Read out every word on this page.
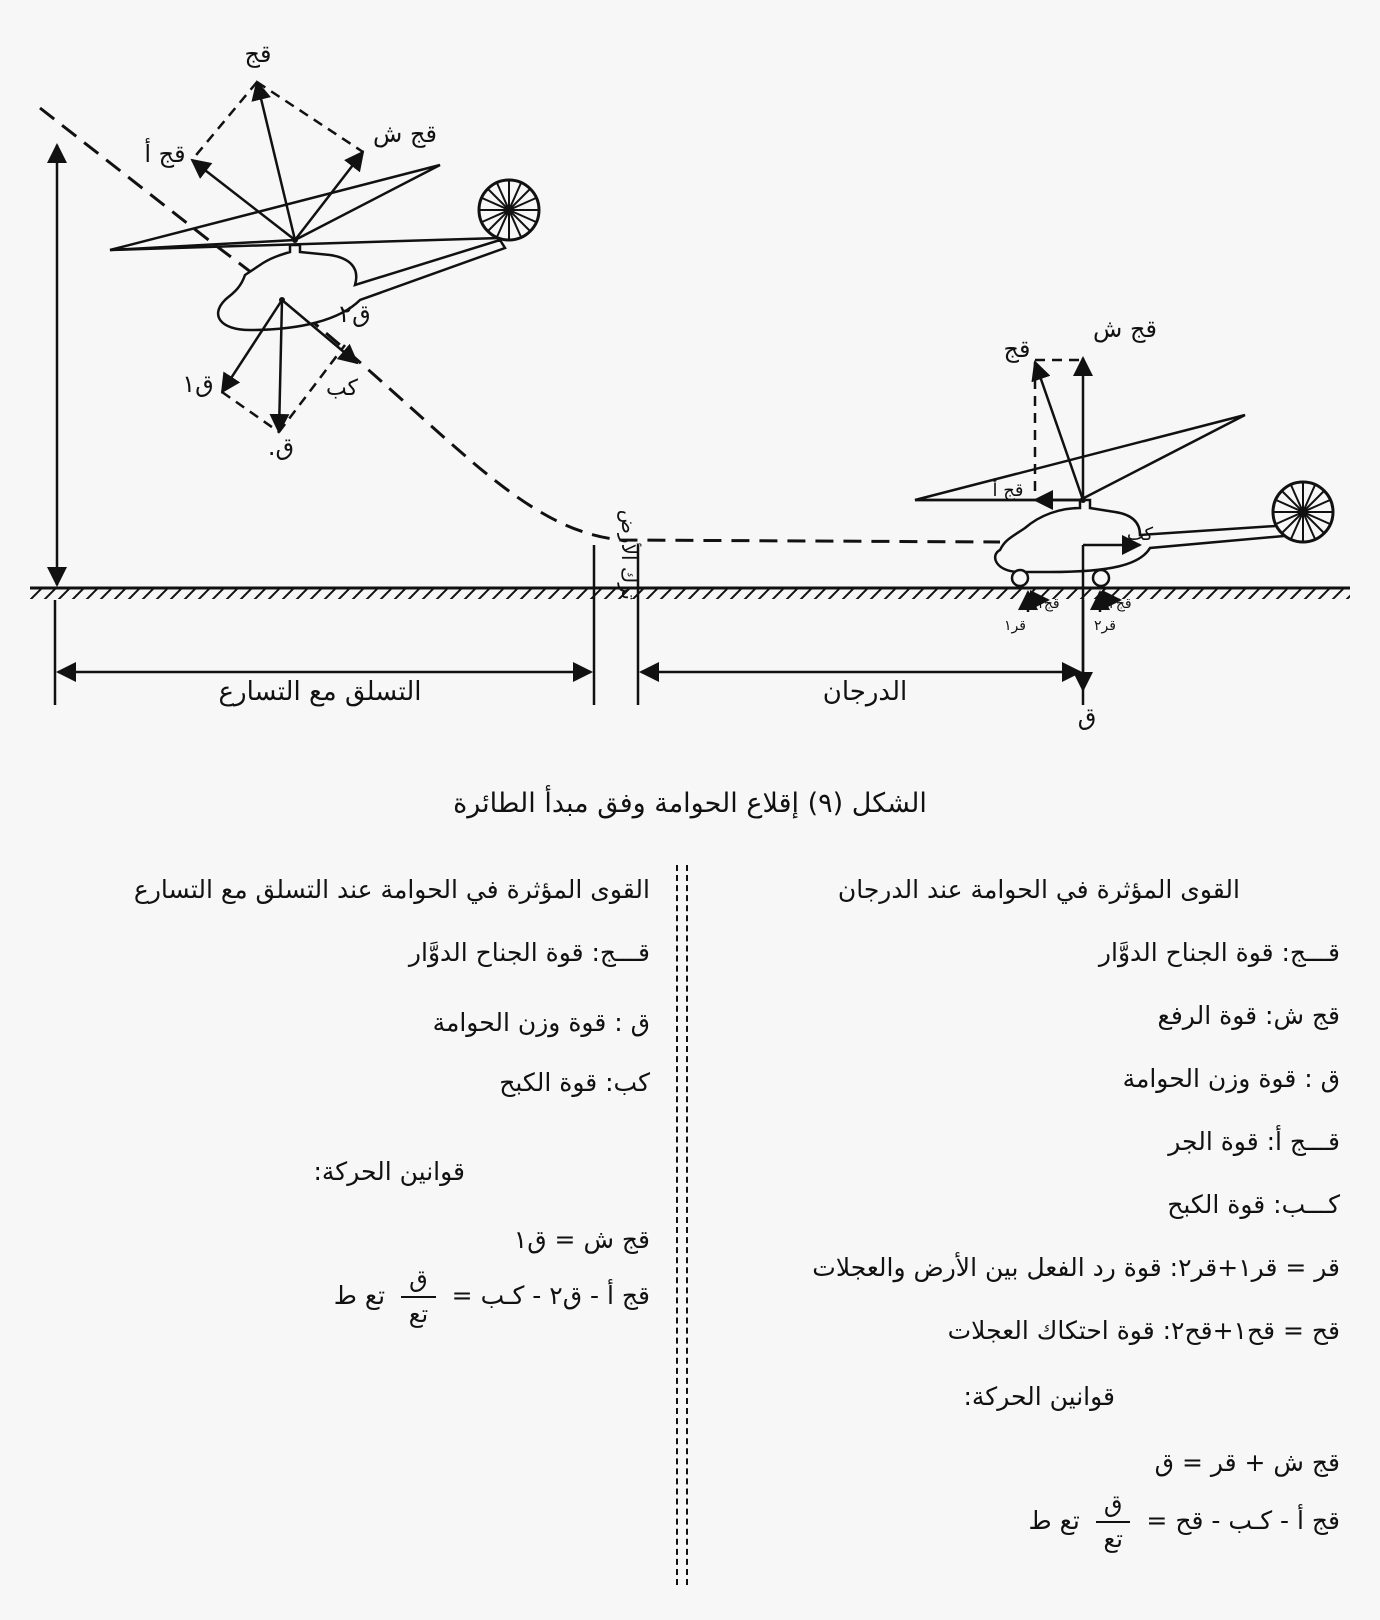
قج
قج أ
قج ش
ق٢
ق١	كب
ق.
قج ش
قج
قج أ
كب
قج١	قج٢
قر١	قر٢
ق
التسلق مع التسارع	الدرجان
ترك الأرض
الشكل (٩) إقلاع الحوامة وفق مبدأ الطائرة
القوى المؤثرة في الحوامة عند الدرجان
قـــج: قوة الجناح الدوَّار
قج ش: قوة الرفع
ق : قوة وزن الحوامة
قـــج أ: قوة الجر
كـــب: قوة الكبح
قر = قر١+قر٢: قوة رد الفعل بين الأرض والعجلات
قح = قح١+قح٢: قوة احتكاك العجلات
قوانين الحركة:
قج ش + قر = ق
قج أ - كـب - قح =
$\frac{\text{ق}}{\text{تع}}$
تع ط
القوى المؤثرة في الحوامة عند التسلق مع التسارع
قـــج: قوة الجناح الدوَّار
ق : قوة وزن الحوامة
كب: قوة الكبح
قوانين الحركة:
قج ش = ق١
قج أ - ق٢ - كـب =
$\frac{\text{ق}}{\text{تع}}$
تع ط
